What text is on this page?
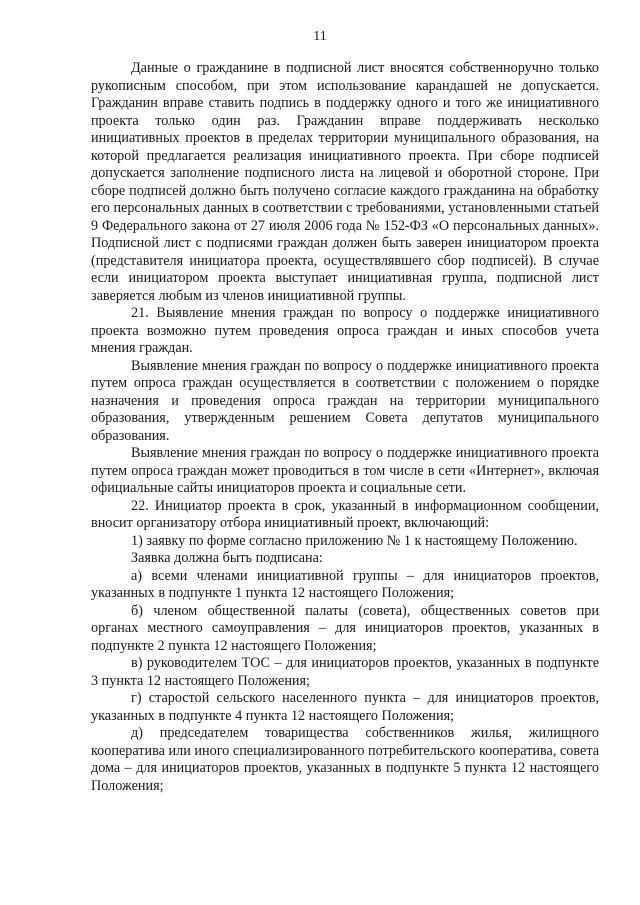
11

Данные о гражданине в подписной лист вносятся собственноручно только рукописным способом, при этом использование карандашей не допускается. Гражданин вправе ставить подпись в поддержку одного и того же инициативного проекта только один раз. Гражданин вправе поддерживать несколько инициативных проектов в пределах территории муниципального образования, на которой предлагается реализация инициативного проекта. При сборе подписей допускается заполнение подписного листа на лицевой и оборотной стороне. При сборе подписей должно быть получено согласие каждого гражданина на обработку его персональных данных в соответствии с требованиями, установленными статьей 9 Федерального закона от 27 июля 2006 года № 152-ФЗ «О персональных данных». Подписной лист с подписями граждан должен быть заверен инициатором проекта (представителя инициатора проекта, осуществлявшего сбор подписей). В случае если инициатором проекта выступает инициативная группа, подписной лист заверяется любым из членов инициативной группы.

21. Выявление мнения граждан по вопросу о поддержке инициативного проекта возможно путем проведения опроса граждан и иных способов учета мнения граждан.

Выявление мнения граждан по вопросу о поддержке инициативного проекта путем опроса граждан осуществляется в соответствии с положением о порядке назначения и проведения опроса граждан на территории муниципального образования, утвержденным решением Совета депутатов муниципального образования.

Выявление мнения граждан по вопросу о поддержке инициативного проекта путем опроса граждан может проводиться в том числе в сети «Интернет», включая официальные сайты инициаторов проекта и социальные сети.

22. Инициатор проекта в срок, указанный в информационном сообщении, вносит организатору отбора инициативный проект, включающий:

1) заявку по форме согласно приложению № 1 к настоящему Положению.

Заявка должна быть подписана:

а) всеми членами инициативной группы – для инициаторов проектов, указанных в подпункте 1 пункта 12 настоящего Положения;

б) членом общественной палаты (совета), общественных советов при органах местного самоуправления – для инициаторов проектов, указанных в подпункте 2 пункта 12 настоящего Положения;

в) руководителем ТОС – для инициаторов проектов, указанных в подпункте 3 пункта 12 настоящего Положения;

г) старостой сельского населенного пункта – для инициаторов проектов, указанных в подпункте 4 пункта 12 настоящего Положения;

д) председателем товарищества собственников жилья, жилищного кооператива или иного специализированного потребительского кооператива, совета дома – для инициаторов проектов, указанных в подпункте 5 пункта 12 настоящего Положения;
